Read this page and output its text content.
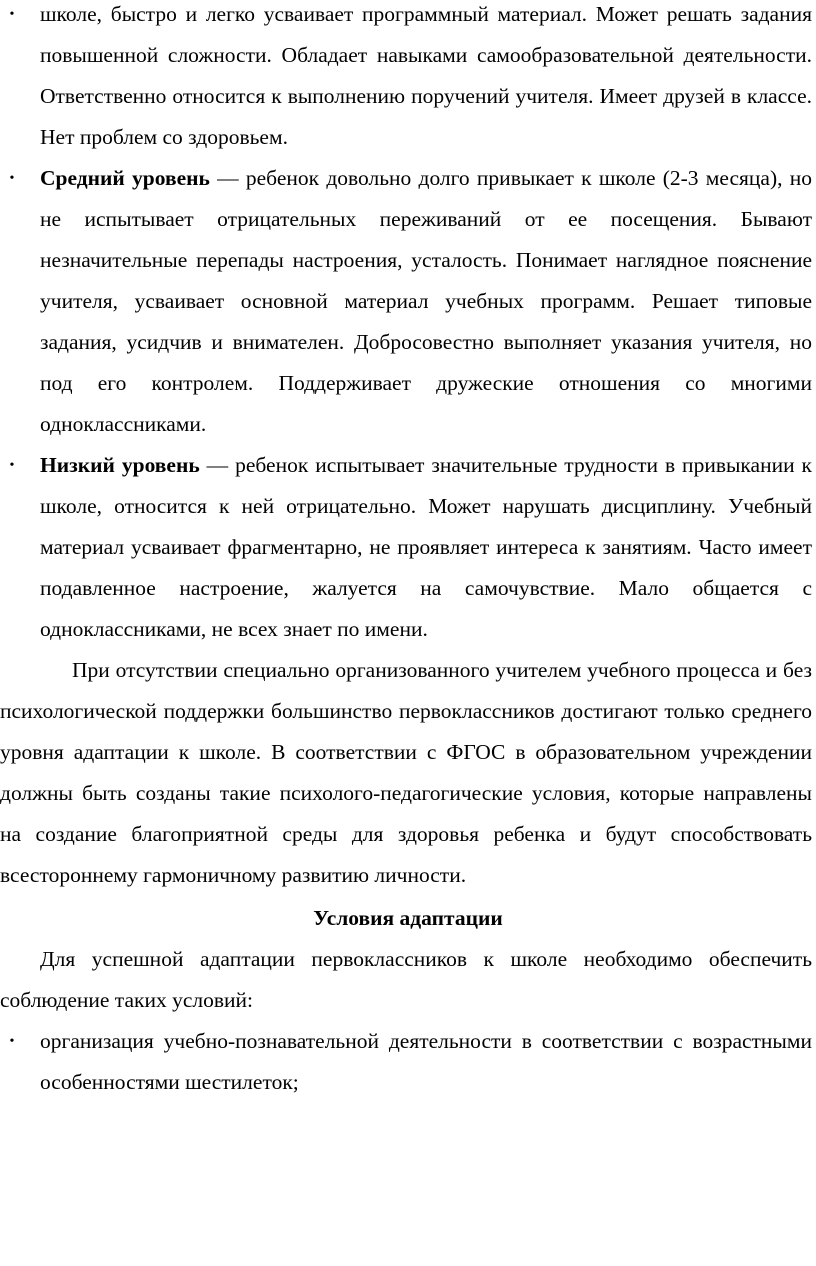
•	школе, быстро и легко усваивает программный материал. Может решать задания повышенной сложности. Обладает навыками самообразовательной деятельности. Ответственно относится к выполнению поручений учителя. Имеет друзей в классе. Нет проблем со здоровьем.
•	Средний уровень — ребенок довольно долго привыкает к школе (2-3 месяца), но не испытывает отрицательных переживаний от ее посещения. Бывают незначительные перепады настроения, усталость. Понимает наглядное пояснение учителя, усваивает основной материал учебных программ. Решает типовые задания, усидчив и внимателен. Добросовестно выполняет указания учителя, но под его контролем. Поддерживает дружеские отношения со многими одноклассниками.
•	Низкий уровень — ребенок испытывает значительные трудности в привыкании к школе, относится к ней отрицательно. Может нарушать дисциплину. Учебный материал усваивает фрагментарно, не проявляет интереса к занятиям. Часто имеет подавленное настроение, жалуется на самочувствие. Мало общается с одноклассниками, не всех знает по имени.

При отсутствии специально организованного учителем учебного процесса и без психологической поддержки большинство первоклассников достигают только среднего уровня адаптации к школе. В соответствии с ФГОС в образовательном учреждении должны быть созданы такие психолого-педагогические условия, которые направлены на создание благоприятной среды для здоровья ребенка и будут способствовать всестороннему гармоничному развитию личности.

Условия адаптации

Для успешной адаптации первоклассников к школе необходимо обеспечить соблюдение таких условий:

•	организация учебно-познавательной деятельности в соответствии с возрастными особенностями шестилеток;
